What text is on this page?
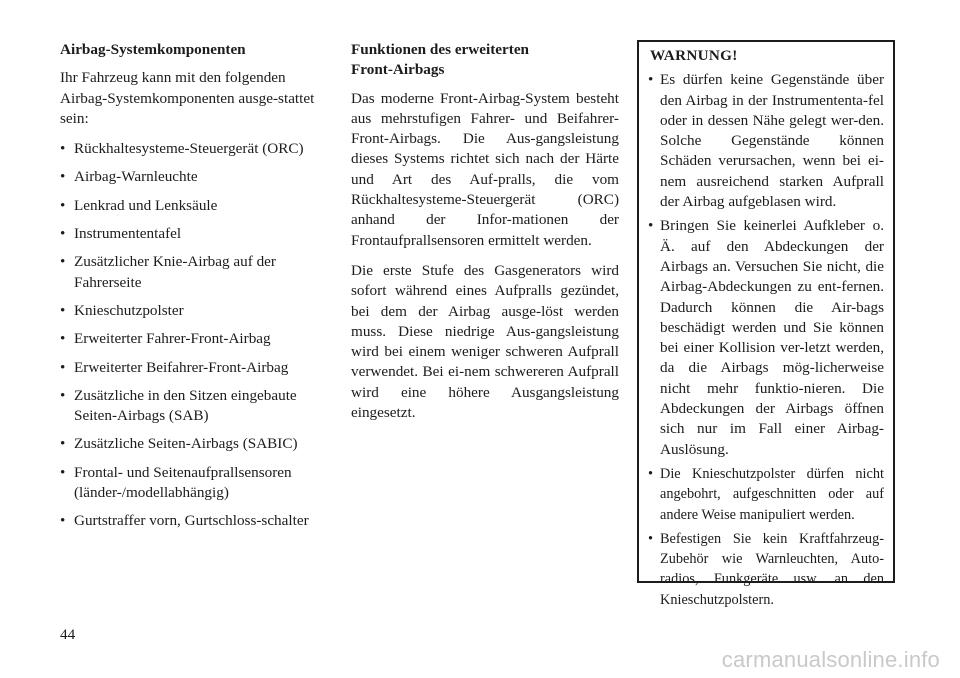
Airbag-Systemkomponenten

Ihr Fahrzeug kann mit den folgenden Airbag-Systemkomponenten ausge-stattet sein:

• Rückhaltesysteme-Steuergerät (ORC)
• Airbag-Warnleuchte
• Lenkrad und Lenksäule
• Instrumententafel
• Zusätzlicher Knie-Airbag auf der Fahrerseite
• Knieschutzpolster
• Erweiterter Fahrer-Front-Airbag
• Erweiterter Beifahrer-Front-Airbag
• Zusätzliche in den Sitzen eingebaute Seiten-Airbags (SAB)
• Zusätzliche Seiten-Airbags (SABIC)
• Frontal- und Seitenaufprallsensoren (länder-/modellabhängig)
• Gurtstraffer vorn, Gurtschloss-schalter
Funktionen des erweiterten Front-Airbags

Das moderne Front-Airbag-System besteht aus mehrstufigen Fahrer- und Beifahrer-Front-Airbags. Die Aus-gangsleistung dieses Systems richtet sich nach der Härte und Art des Auf-pralls, die vom Rückhaltesysteme-Steuergerät (ORC) anhand der Infor-mationen der Frontaufprallsensoren ermittelt werden.

Die erste Stufe des Gasgenerators wird sofort während eines Aufpralls gezündet, bei dem der Airbag ausge-löst werden muss. Diese niedrige Aus-gangsleistung wird bei einem weniger schweren Aufprall verwendet. Bei ei-nem schwereren Aufprall wird eine höhere Ausgangsleistung eingesetzt.

WARNUNG!
• Es dürfen keine Gegenstände über den Airbag in der Instrumententa-fel oder in dessen Nähe gelegt wer-den. Solche Gegenstände können Schäden verursachen, wenn bei ei-nem ausreichend starken Aufprall der Airbag aufgeblasen wird.
• Bringen Sie keinerlei Aufkleber o. Ä. auf den Abdeckungen der Airbags an. Versuchen Sie nicht, die Airbag-Abdeckungen zu ent-fernen. Dadurch können die Air-bags beschädigt werden und Sie können bei einer Kollision ver-letzt werden, da die Airbags mög-licherweise nicht mehr funktio-nieren. Die Abdeckungen der Airbags öffnen sich nur im Fall einer Airbag-Auslösung.
• Die Knieschutzpolster dürfen nicht angebohrt, aufgeschnitten oder auf andere Weise manipuliert werden.
• Befestigen Sie kein Kraftfahrzeug-Zubehör wie Warnleuchten, Auto-radios, Funkgeräte usw. an den Knieschutzpolstern.
44
carmanualsonline.info
